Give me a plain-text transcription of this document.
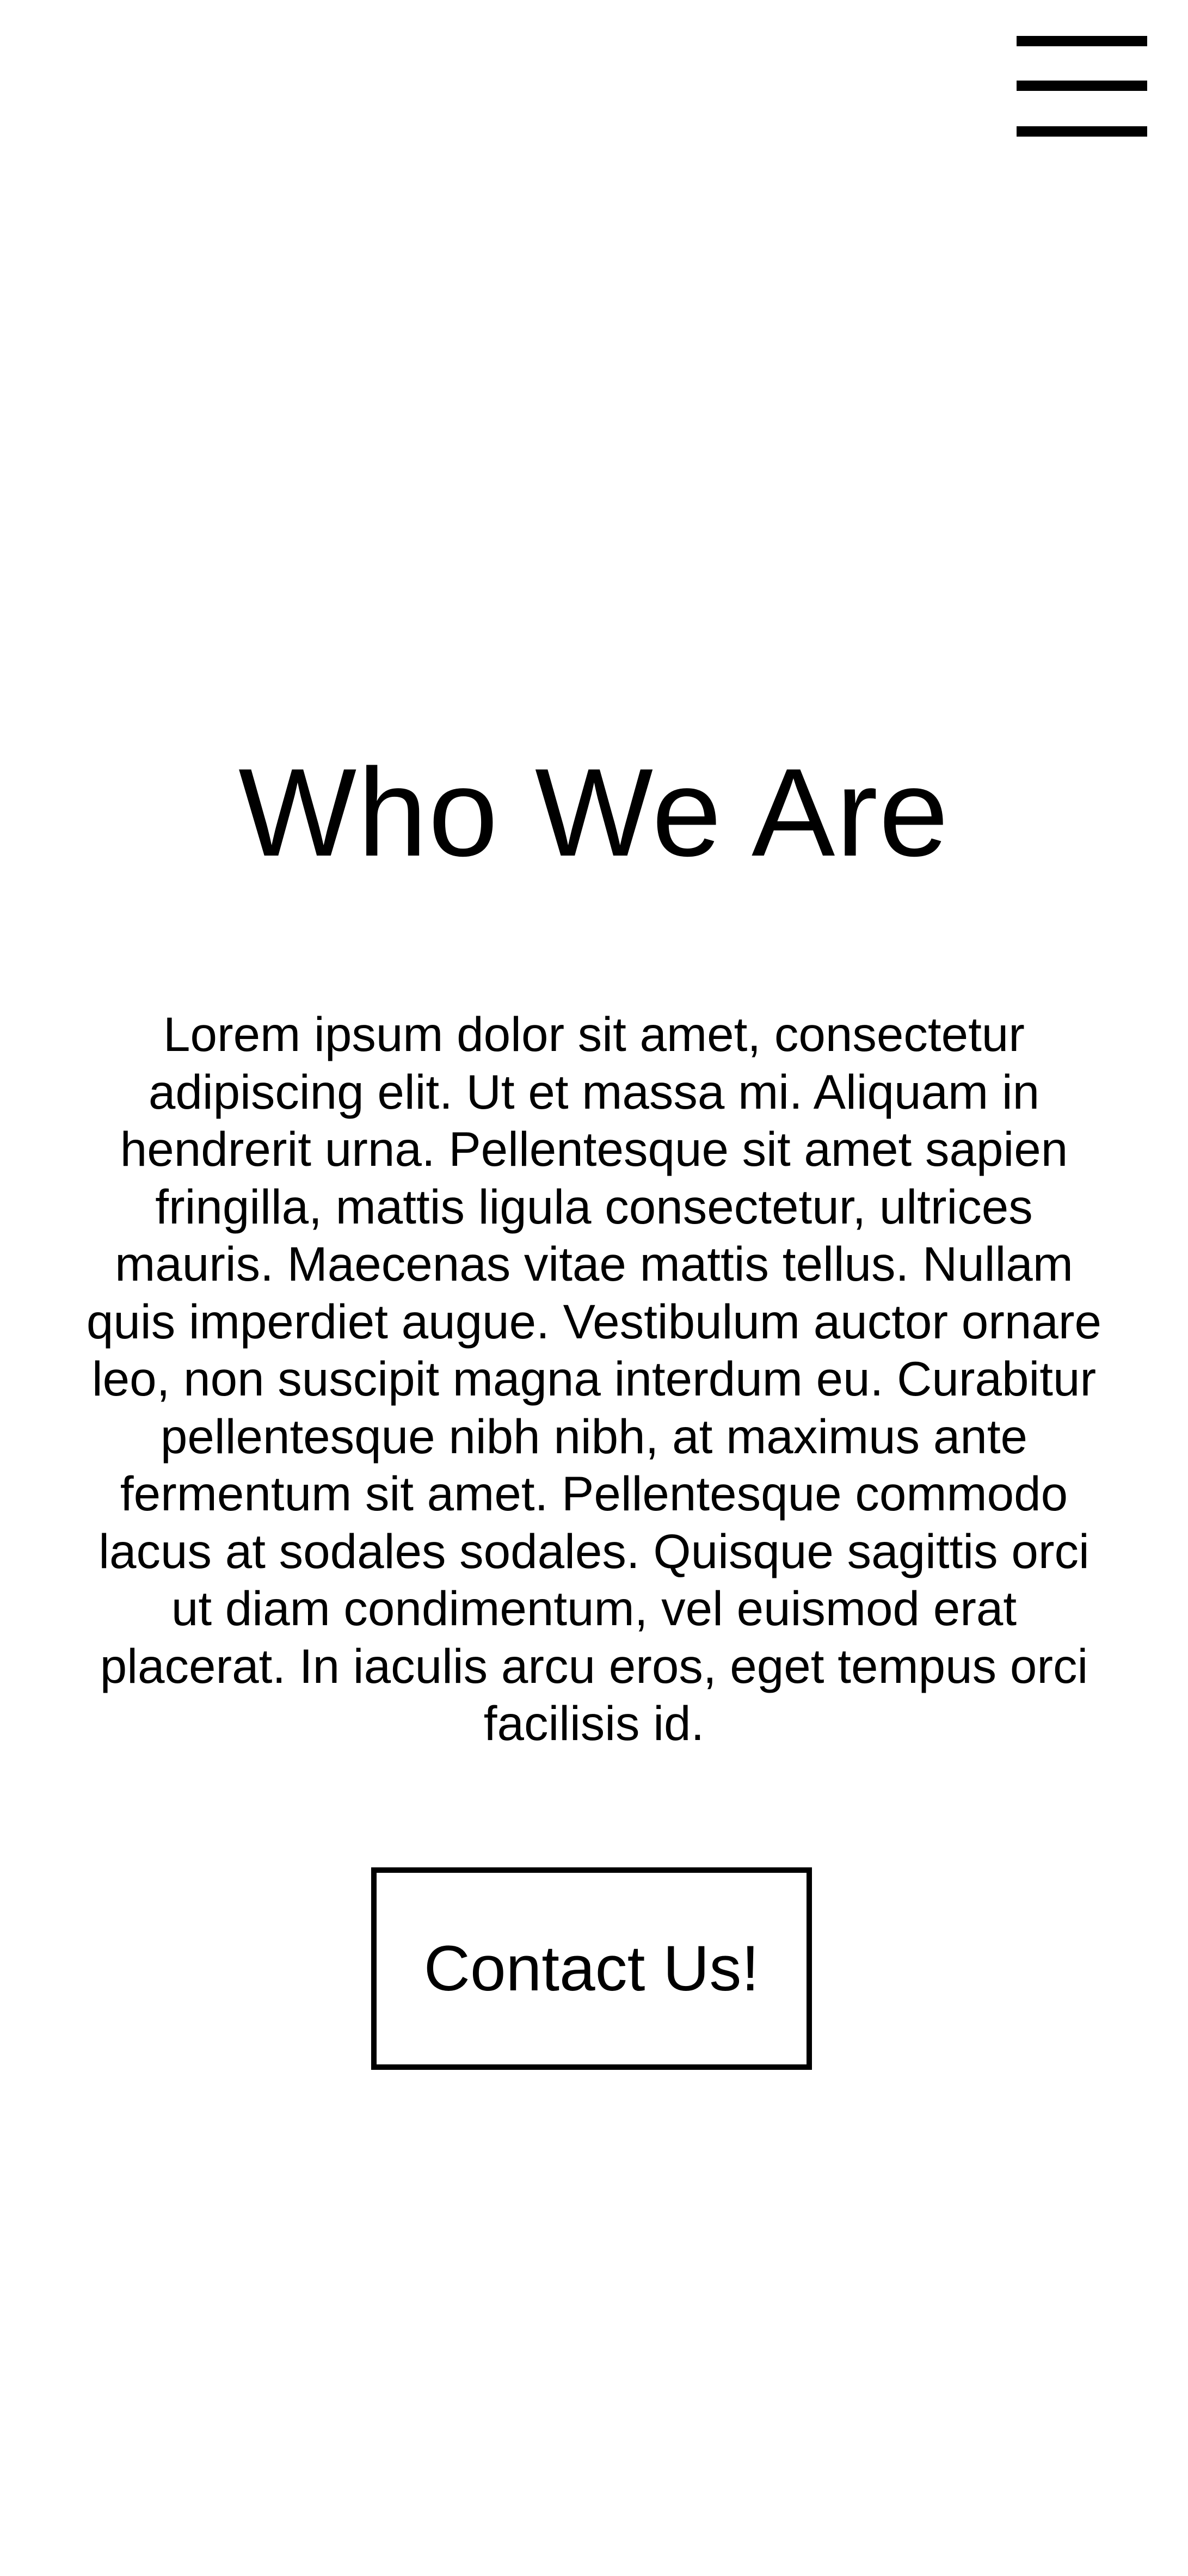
Who We Are

Lorem ipsum dolor sit amet, consectetur adipiscing elit. Ut et massa mi. Aliquam in hendrerit urna. Pellentesque sit amet sapien fringilla, mattis ligula consectetur, ultrices mauris. Maecenas vitae mattis tellus. Nullam quis imperdiet augue. Vestibulum auctor ornare leo, non suscipit magna interdum eu. Curabitur pellentesque nibh nibh, at maximus ante fermentum sit amet. Pellentesque commodo lacus at sodales sodales. Quisque sagittis orci ut diam condimentum, vel euismod erat placerat. In iaculis arcu eros, eget tempus orci facilisis id.

Contact Us!
